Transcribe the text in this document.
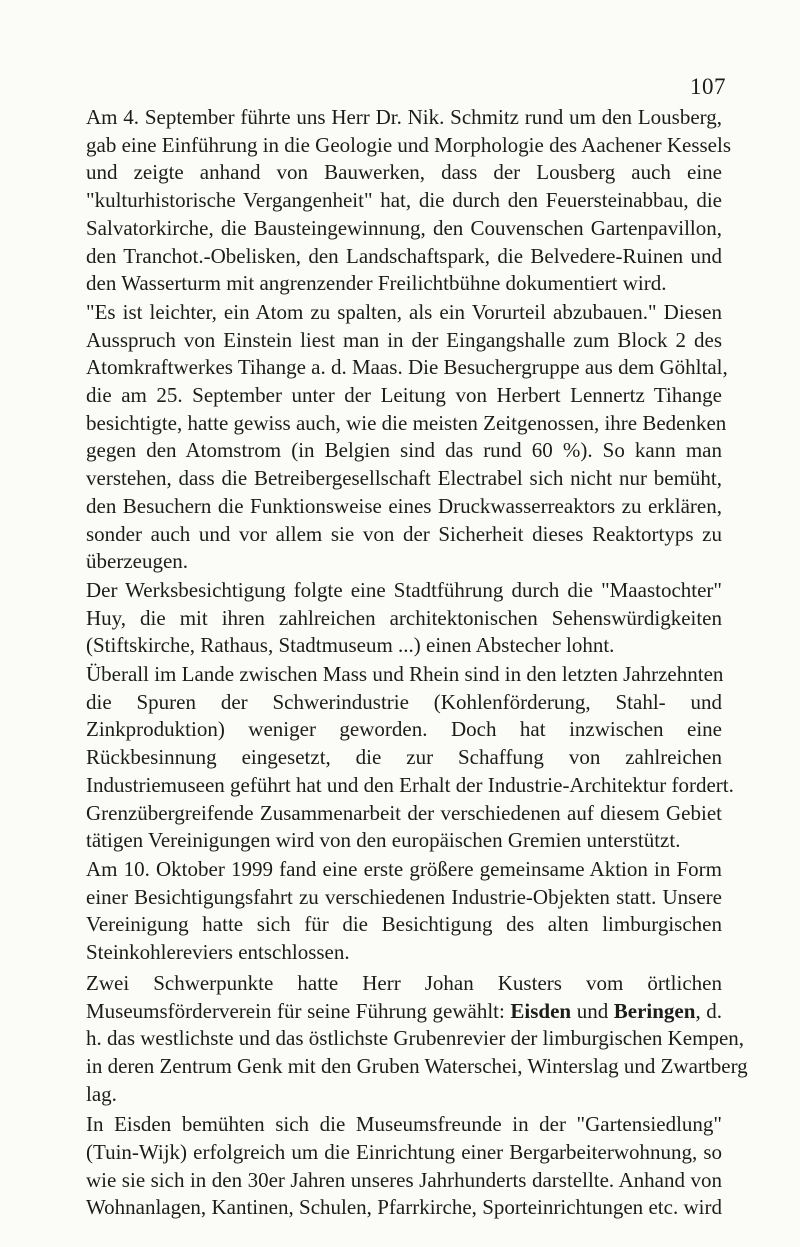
107

Am 4. September führte uns Herr Dr. Nik. Schmitz rund um den Lousberg,

gab eine Einführung in die Geologie und Morphologie des Aachener Kessels

und zeigte anhand von Bauwerken, dass der Lousberg auch eine

"kulturhistorische Vergangenheit" hat, die durch den Feuersteinabbau, die

Salvatorkirche, die Bausteingewinnung, den Couvenschen Gartenpavillon,

den Tranchot.-Obelisken, den Landschaftspark, die Belvedere-Ruinen und

den Wasserturm mit angrenzender Freilichtbühne dokumentiert wird.

"Es ist leichter, ein Atom zu spalten, als ein Vorurteil abzubauen." Diesen

Ausspruch von Einstein liest man in der Eingangshalle zum Block 2 des

Atomkraftwerkes Tihange a. d. Maas. Die Besuchergruppe aus dem Göhltal,

die am 25. September unter der Leitung von Herbert Lennertz Tihange

besichtigte, hatte gewiss auch, wie die meisten Zeitgenossen, ihre Bedenken

gegen den Atomstrom (in Belgien sind das rund 60 %). So kann man

verstehen, dass die Betreibergesellschaft Electrabel sich nicht nur bemüht,

den Besuchern die Funktionsweise eines Druckwasserreaktors zu erklären,

sonder auch und vor allem sie von der Sicherheit dieses Reaktortyps zu

überzeugen.

Der Werksbesichtigung folgte eine Stadtführung durch die "Maastochter"

Huy, die mit ihren zahlreichen architektonischen Sehenswürdigkeiten

(Stiftskirche, Rathaus, Stadtmuseum ...) einen Abstecher lohnt.

Überall im Lande zwischen Mass und Rhein sind in den letzten Jahrzehnten

die Spuren der Schwerindustrie (Kohlenförderung, Stahl- und

Zinkproduktion) weniger geworden. Doch hat inzwischen eine

Rückbesinnung eingesetzt, die zur Schaffung von zahlreichen

Industriemuseen geführt hat und den Erhalt der Industrie-Architektur fordert.

Grenzübergreifende Zusammenarbeit der verschiedenen auf diesem Gebiet

tätigen Vereinigungen wird von den europäischen Gremien unterstützt.

Am 10. Oktober 1999 fand eine erste größere gemeinsame Aktion in Form

einer Besichtigungsfahrt zu verschiedenen Industrie-Objekten statt. Unsere

Vereinigung hatte sich für die Besichtigung des alten limburgischen

Steinkohlereviers entschlossen.

Zwei Schwerpunkte hatte Herr Johan Kusters vom örtlichen

Museumsförderverein für seine Führung gewählt: Eisden und Beringen, d.

h. das westlichste und das östlichste Grubenrevier der limburgischen Kempen,

in deren Zentrum Genk mit den Gruben Waterschei, Winterslag und Zwartberg

lag.

In Eisden bemühten sich die Museumsfreunde in der "Gartensiedlung"

(Tuin-Wijk) erfolgreich um die Einrichtung einer Bergarbeiterwohnung, so

wie sie sich in den 30er Jahren unseres Jahrhunderts darstellte. Anhand von

Wohnanlagen, Kantinen, Schulen, Pfarrkirche, Sporteinrichtungen etc. wird
